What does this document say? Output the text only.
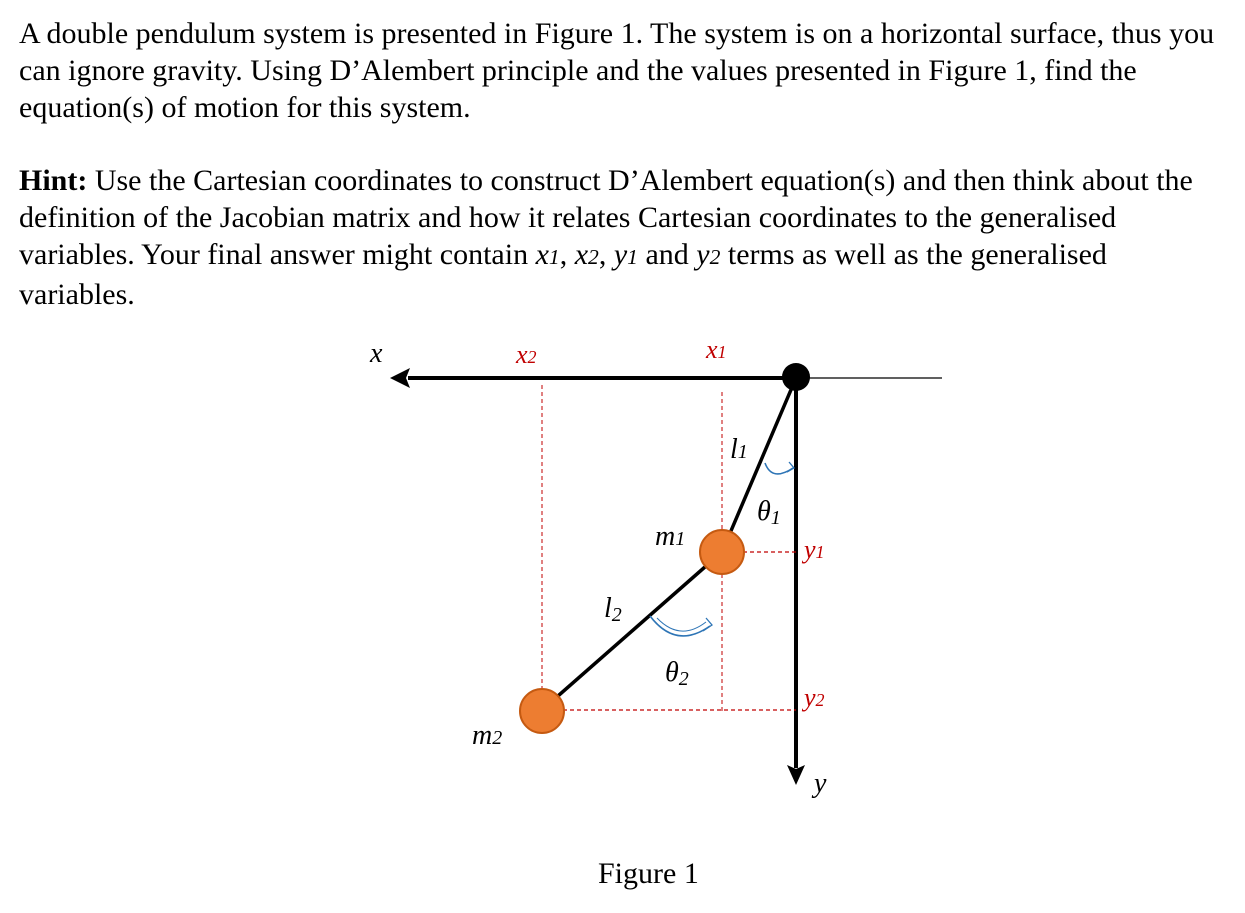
A double pendulum system is presented in Figure 1. The system is on a horizontal surface, thus you can ignore gravity. Using D’Alembert principle and the values presented in Figure 1, find the equation(s) of motion for this system.

Hint: Use the Cartesian coordinates to construct D’Alembert equation(s) and then think about the definition of the Jacobian matrix and how it relates Cartesian coordinates to the generalised variables. Your final answer might contain x1, x2, y1 and y2 terms as well as the generalised variables.

x
y
x2	x1
l1
θ1
m1	y1
l2
θ2
y2
m2
Figure 1
